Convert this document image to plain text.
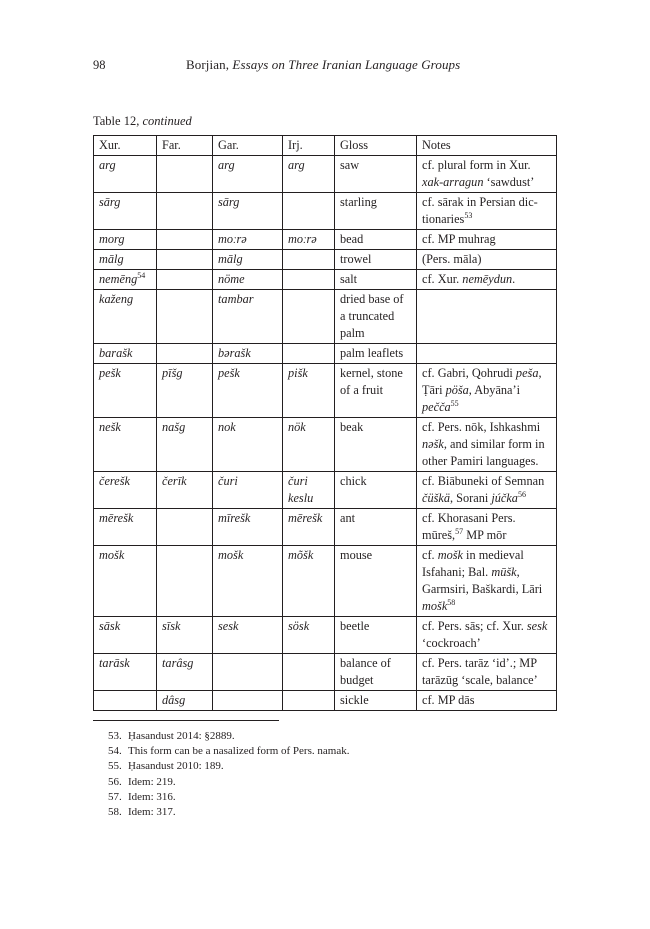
98	Borjian, Essays on Three Iranian Language Groups
Table 12, continued
Xur.	Far.	Gar.	Irj.	Gloss	Notes
arg		arg	arg	saw	cf. plural form in Xur. xak-arragun ‘sawdust’
sārg		sārg		starling	cf. sārak in Persian dictionaries$^{53}$
morg		moːrə	moːrə	bead	cf. MP muhrag
mālg		mālg		trowel	(Pers. māla)
nemēng$^{54}$		nöme		salt	cf. Xur. nemēydun.
kaženg		tambar		dried base of a truncated palm	
barašk		bərašk		palm leaflets	
pešk	pīšg	pešk	pišk	kernel, stone of a fruit	cf. Gabri, Qohrudi peša, Ṭāri pöša, Abyāna’i pečča$^{55}$
nešk	našg	nok	nök	beak	cf. Pers. nōk, Ishkashmi nəšk, and similar form in other Pamiri languages.
čerešk	čerīk	čuri	čuri keslu	chick	cf. Biābuneki of Semnan čüškä, Sorani júčka$^{56}$
mērešk		mīrešk	mērešk	ant	cf. Khorasani Pers. mūreš,$^{57}$ MP mōr
mošk		mošk	mõšk	mouse	cf. mošk in medieval Isfahani; Bal. mūšk, Garmsiri, Baškardi, Lāri mošk$^{58}$
sāsk	sīsk	sesk	sösk	beetle	cf. Pers. sās; cf. Xur. sesk ‘cockroach’
tarāsk	tarâsg			balance of budget	cf. Pers. tarāz ‘id’.; MP tarāzūg ‘scale, balance’
	dâsg			sickle	cf. MP dās
53. Ḥasandust 2014: §2889.
54. This form can be a nasalized form of Pers. namak.
55. Ḥasandust 2010: 189.
56. Idem: 219.
57. Idem: 316.
58. Idem: 317.
